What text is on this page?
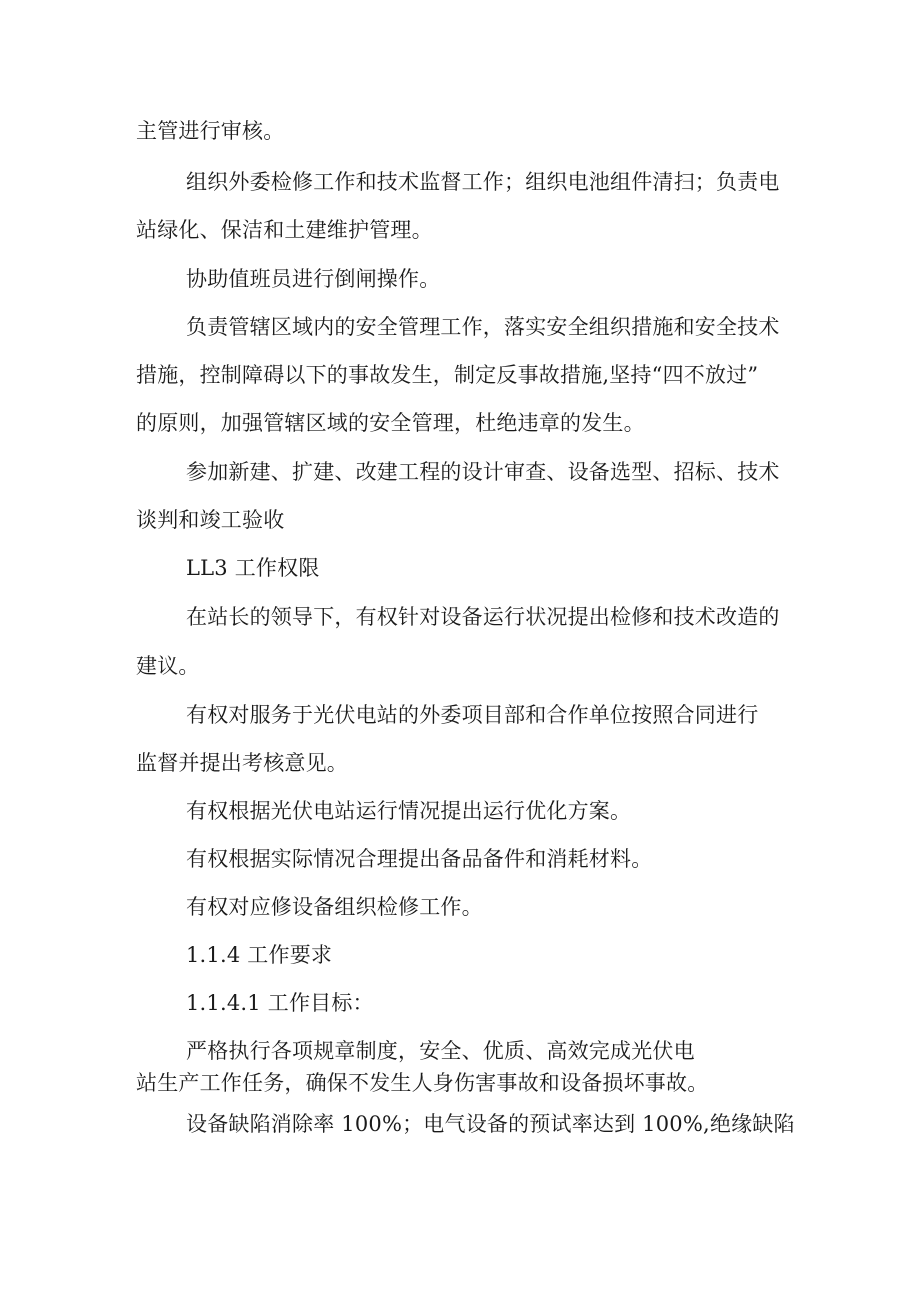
主管进行审核。
组织外委检修工作和技术监督工作；组织电池组件清扫；负责电
站绿化、保洁和土建维护管理。
协助值班员进行倒闸操作。
负责管辖区域内的安全管理工作，落实安全组织措施和安全技术
措施，控制障碍以下的事故发生，制定反事故措施,坚持“四不放过”
的原则，加强管辖区域的安全管理，杜绝违章的发生。
参加新建、扩建、改建工程的设计审查、设备选型、招标、技术
谈判和竣工验收
LL3 工作权限
在站长的领导下，有权针对设备运行状况提出检修和技术改造的
建议。
有权对服务于光伏电站的外委项目部和合作单位按照合同进行
监督并提出考核意见。
有权根据光伏电站运行情况提出运行优化方案。
有权根据实际情况合理提出备品备件和消耗材料。
有权对应修设备组织检修工作。
1.1.4 工作要求
1.1.4.1 工作目标：
严格执行各项规章制度，安全、优质、高效完成光伏电
站生产工作任务，确保不发生人身伤害事故和设备损坏事故。
设备缺陷消除率 100%；电气设备的预试率达到 100%,绝缘缺陷
